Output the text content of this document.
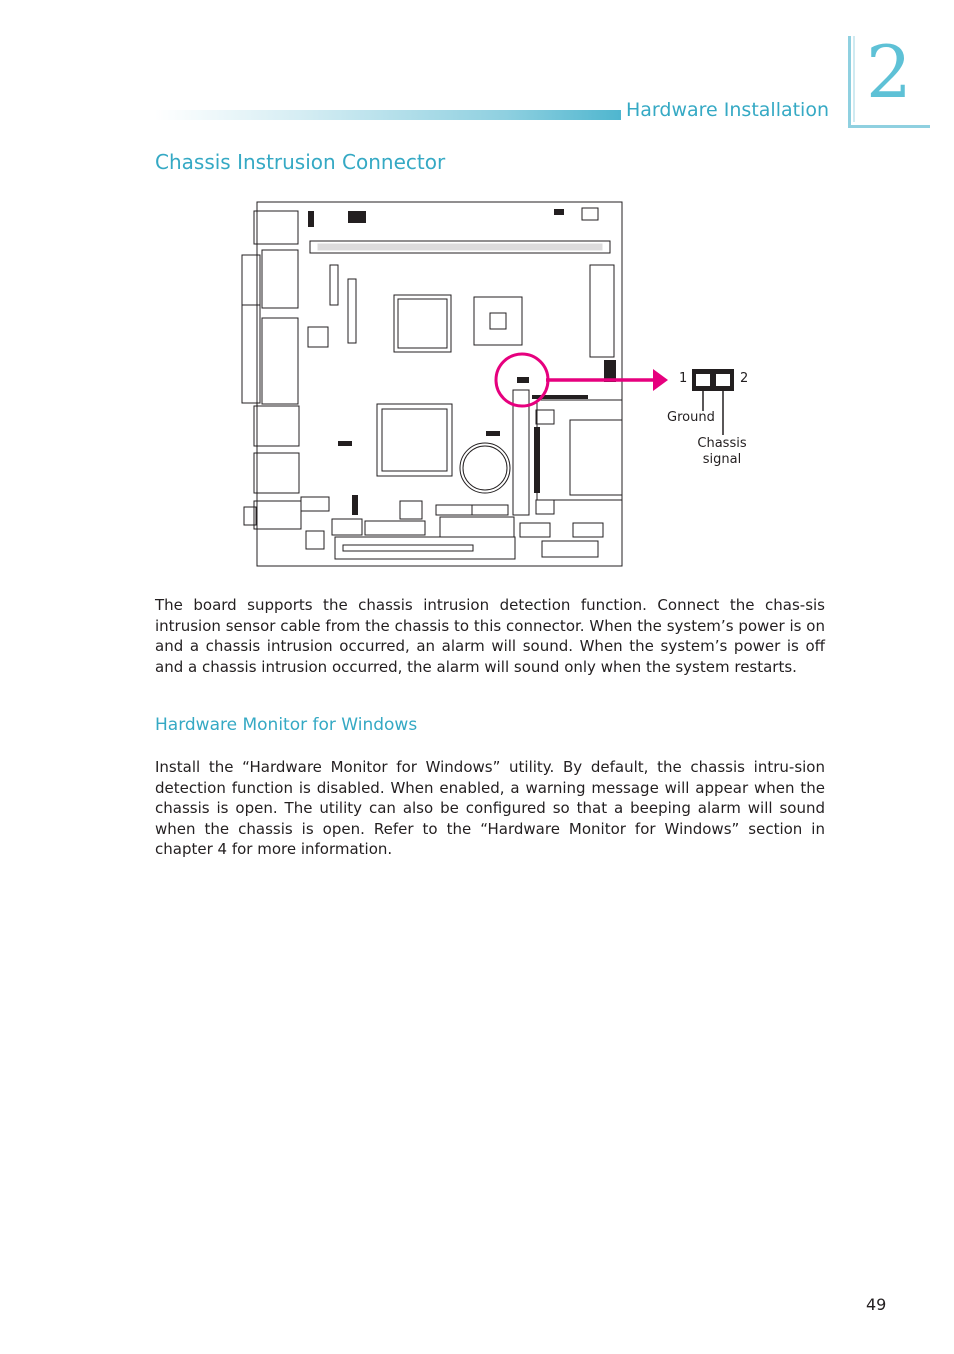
Hardware Installation 2
Chassis Instrusion Connector
1	2
Ground
Chassis signal
The board supports the chassis intrusion detection function. Connect the chas-sis intrusion sensor cable from the chassis to this connector. When the system’s power is on and a chassis intrusion occurred, an alarm will sound. When the system’s power is off and a chassis intrusion occurred, the alarm will sound only when the system restarts.
Hardware Monitor for Windows
Install the “Hardware Monitor for Windows” utility. By default, the chassis intru-sion detection function is disabled. When enabled, a warning message will appear when the chassis is open. The utility can also be configured so that a beeping alarm will sound when the chassis is open. Refer to the “Hardware Monitor for Windows” section in chapter 4 for more information.
49
